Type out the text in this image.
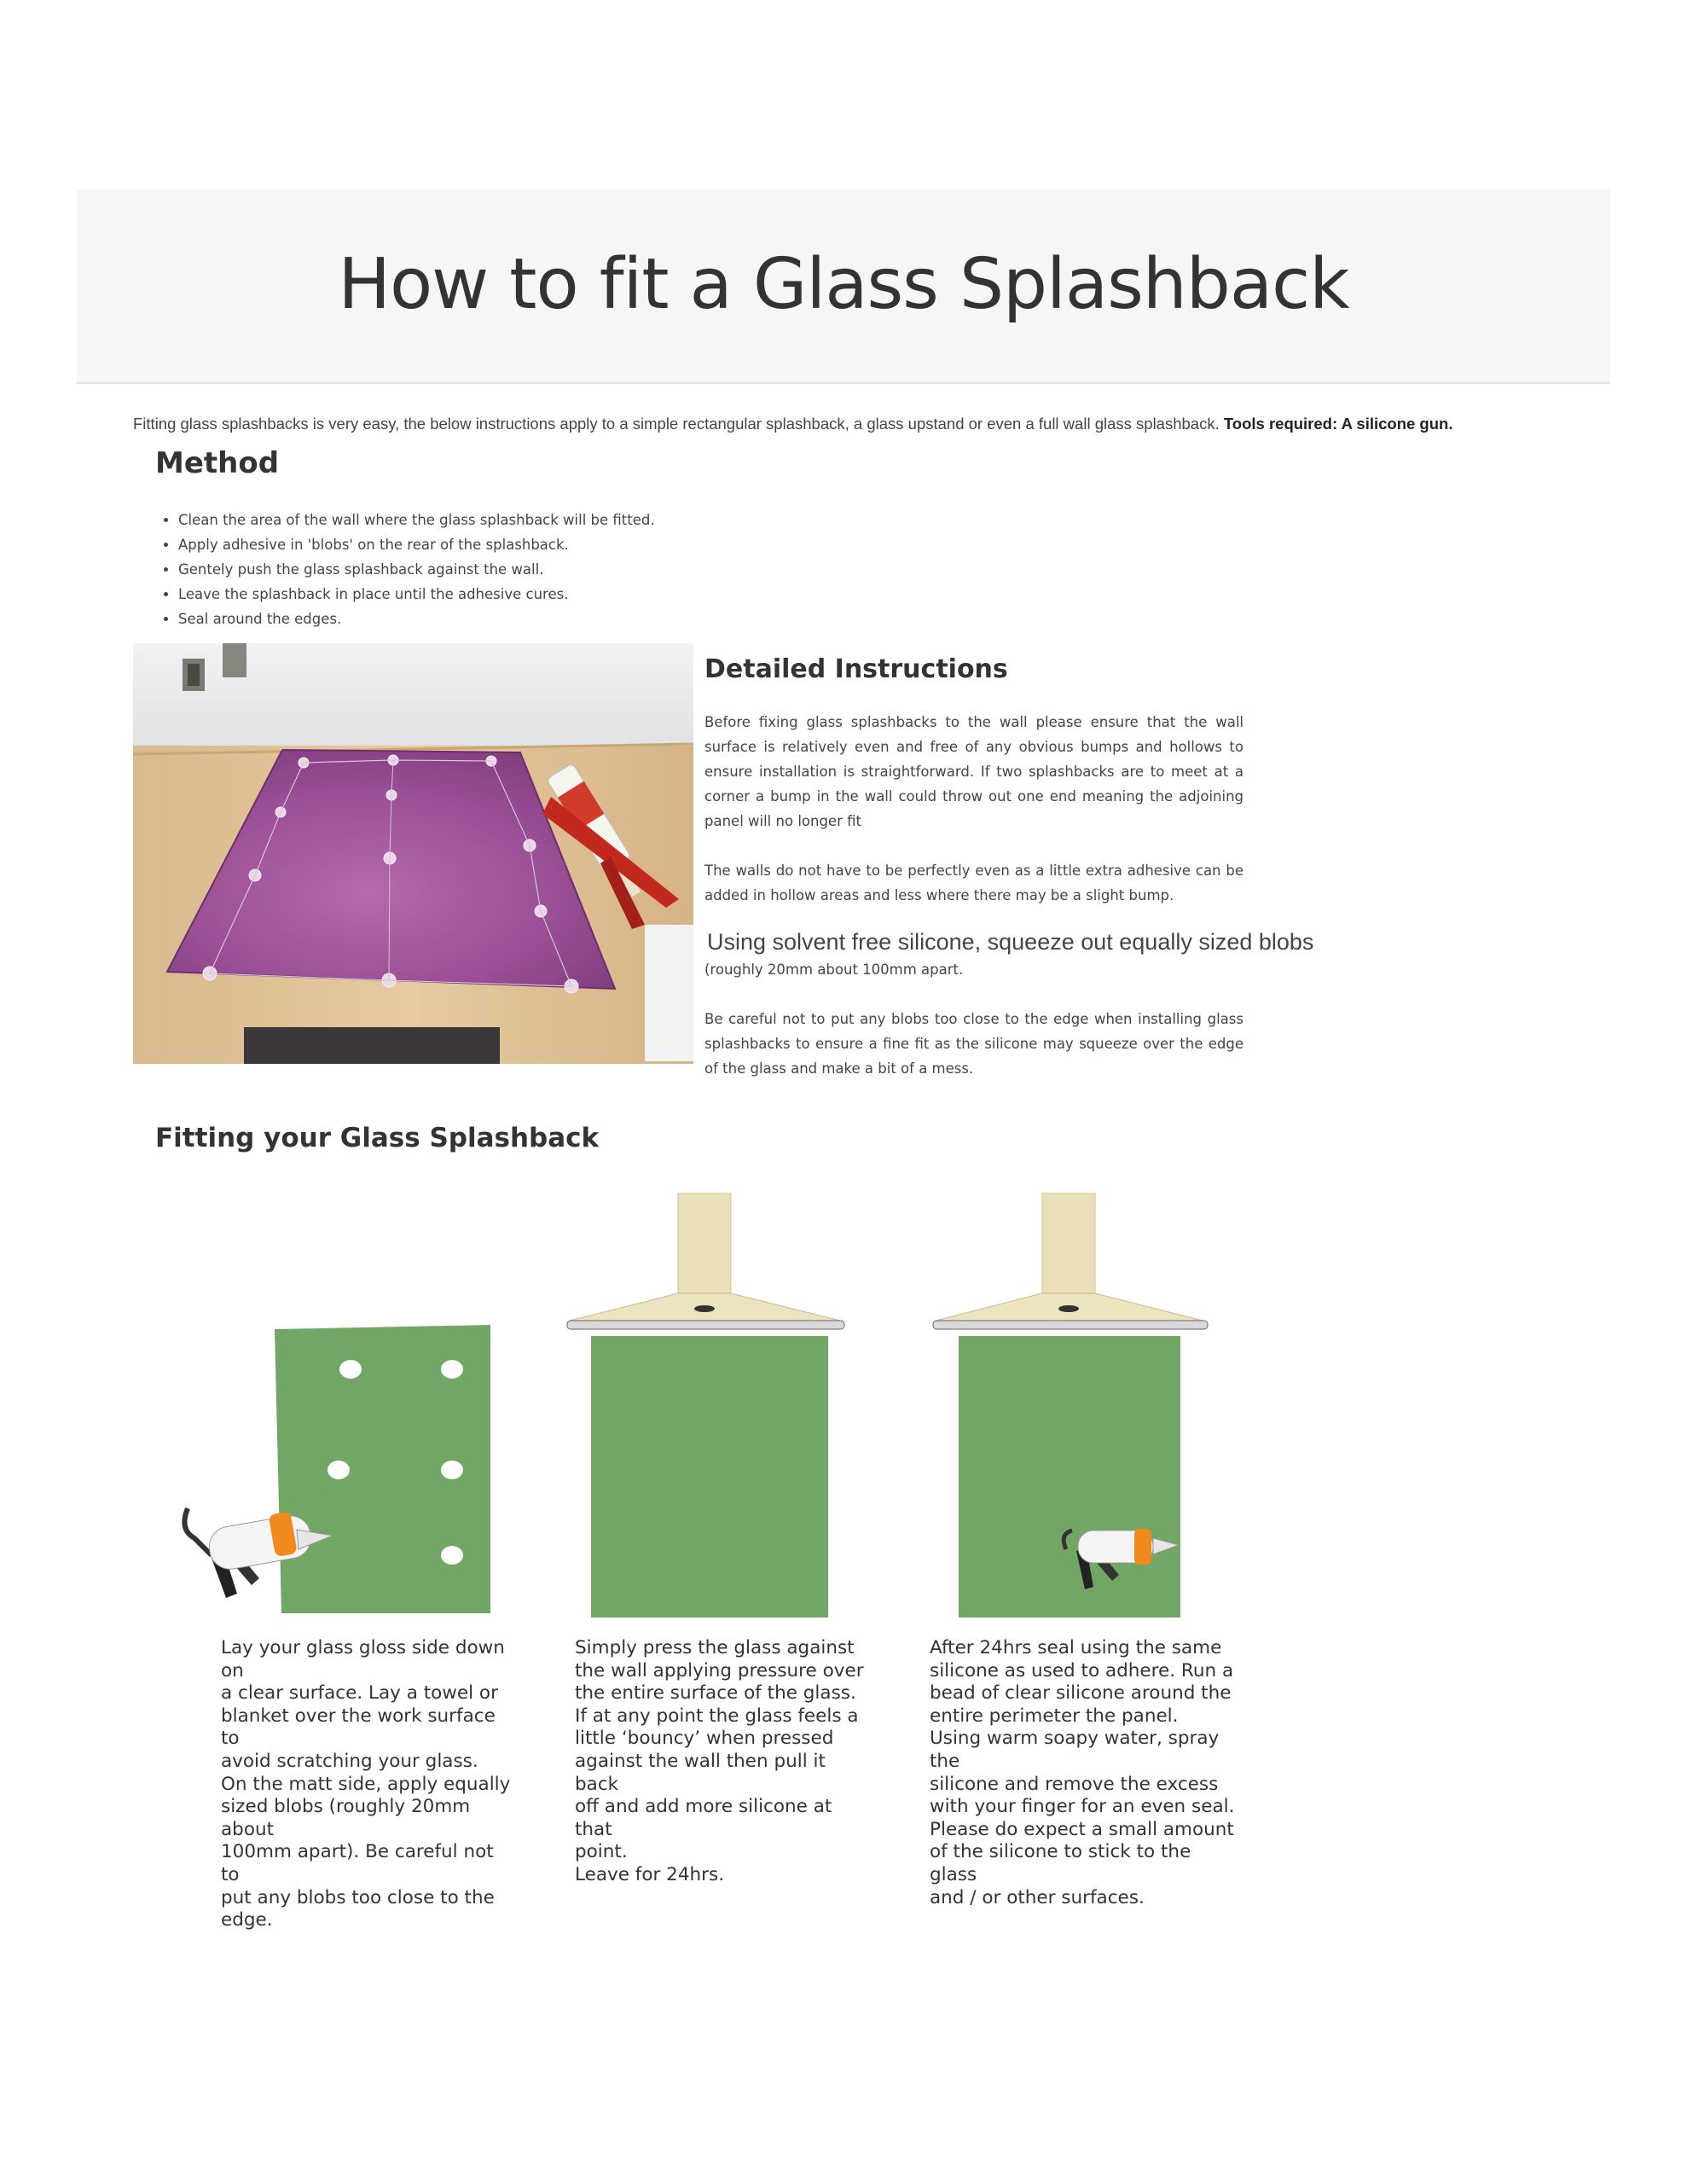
How to fit a Glass Splashback

Fitting glass splashbacks is very easy, the below instructions apply to a simple rectangular splashback, a glass upstand or even a full wall glass splashback. Tools required: A silicone gun.

Method
• Clean the area of the wall where the glass splashback will be fitted.
• Apply adhesive in 'blobs' on the rear of the splashback.
• Gentely push the glass splashback against the wall.
• Leave the splashback in place until the adhesive cures.
• Seal around the edges.
Detailed Instructions

Before fixing glass splashbacks to the wall please ensure that the wall surface is relatively even and free of any obvious bumps and hollows to ensure installation is straightforward. If two splashbacks are to meet at a corner a bump in the wall could throw out one end meaning the adjoining panel will no longer fit

The walls do not have to be perfectly even as a little extra adhesive can be added in hollow areas and less where there may be a slight bump.

Using solvent free silicone, squeeze out equally sized blobs

(roughly 20mm about 100mm apart.

Be careful not to put any blobs too close to the edge when installing glass splashbacks to ensure a fine fit as the silicone may squeeze over the edge of the glass and make a bit of a mess.

Fitting your Glass Splashback

Lay your glass gloss side down on
a clear surface. Lay a towel or
blanket over the work surface to
avoid scratching your glass.
On the matt side, apply equally
sized blobs (roughly 20mm about
100mm apart). Be careful not to
put any blobs too close to the
edge.

Simply press the glass against
the wall applying pressure over
the entire surface of the glass.
If at any point the glass feels a
little ‘bouncy’ when pressed
against the wall then pull it back
off and add more silicone at that
point.
Leave for 24hrs.

After 24hrs seal using the same
silicone as used to adhere. Run a
bead of clear silicone around the
entire perimeter the panel.
Using warm soapy water, spray the
silicone and remove the excess
with your finger for an even seal.
Please do expect a small amount
of the silicone to stick to the glass
and / or other surfaces.
